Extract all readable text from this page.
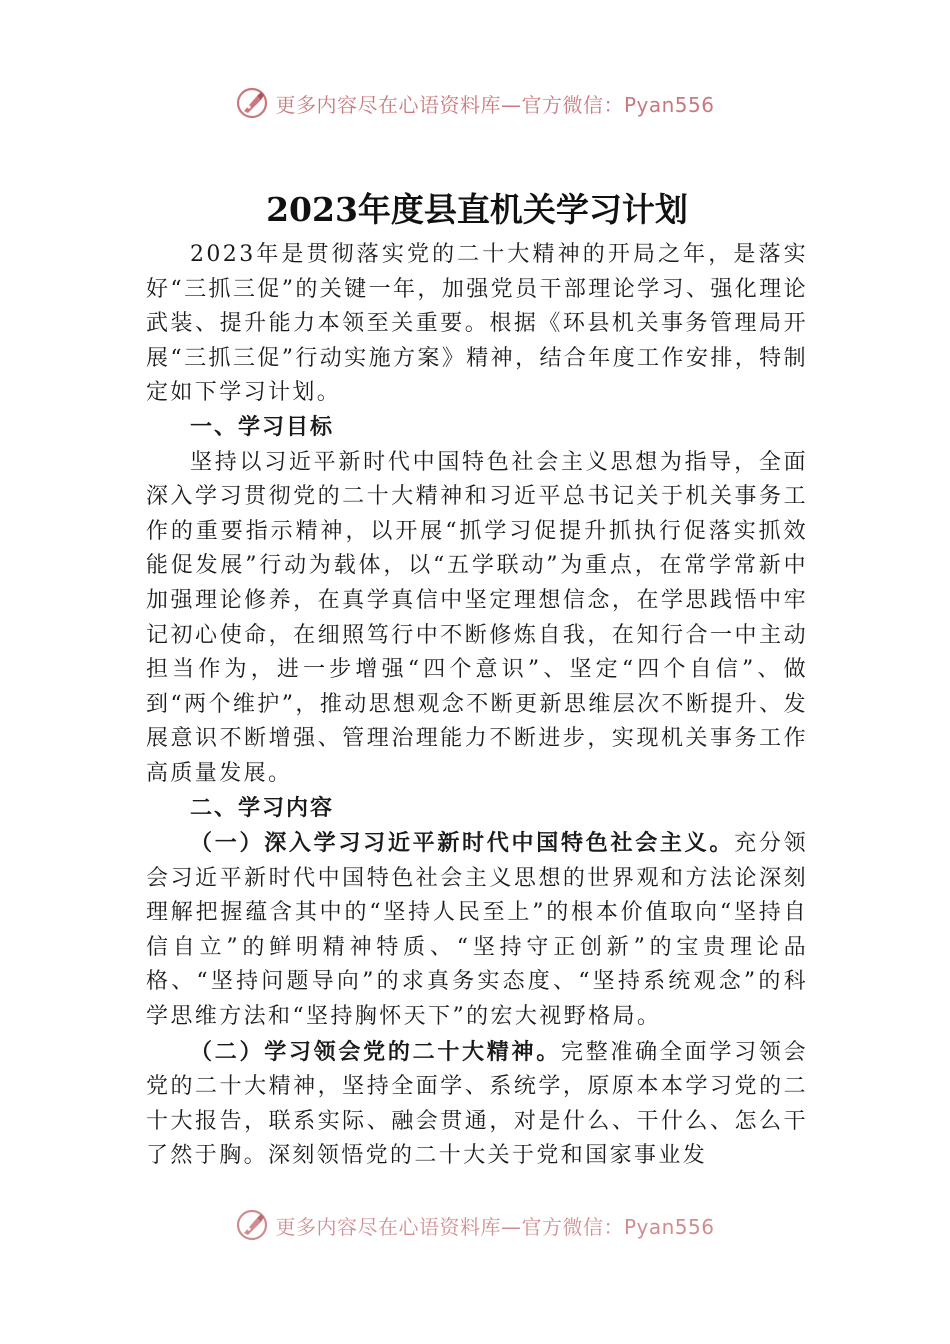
更多内容尽在心语资料库—官方微信：Pyan556
2023年度县直机关学习计划

2023年是贯彻落实党的二十大精神的开局之年，是落实好“三抓三促”的关键一年，加强党员干部理论学习、强化理论武装、提升能力本领至关重要。根据《环县机关事务管理局开展“三抓三促”行动实施方案》精神，结合年度工作安排，特制定如下学习计划。

一、学习目标

坚持以习近平新时代中国特色社会主义思想为指导，全面深入学习贯彻党的二十大精神和习近平总书记关于机关事务工作的重要指示精神，以开展“抓学习促提升抓执行促落实抓效能促发展”行动为载体，以“五学联动”为重点，在常学常新中加强理论修养，在真学真信中坚定理想信念，在学思践悟中牢记初心使命，在细照笃行中不断修炼自我，在知行合一中主动担当作为，进一步增强“四个意识”、坚定“四个自信”、做到“两个维护”，推动思想观念不断更新思维层次不断提升、发展意识不断增强、管理治理能力不断进步，实现机关事务工作高质量发展。

二、学习内容

（一）深入学习习近平新时代中国特色社会主义。充分领会习近平新时代中国特色社会主义思想的世界观和方法论深刻理解把握蕴含其中的“坚持人民至上”的根本价值取向“坚持自信自立”的鲜明精神特质、“坚持守正创新”的宝贵理论品格、“坚持问题导向”的求真务实态度、“坚持系统观念”的科学思维方法和“坚持胸怀天下”的宏大视野格局。

（二）学习领会党的二十大精神。完整准确全面学习领会党的二十大精神，坚持全面学、系统学，原原本本学习党的二十大报告，联系实际、融会贯通，对是什么、干什么、怎么干了然于胸。深刻领悟党的二十大关于党和国家事业发

更多内容尽在心语资料库—官方微信：Pyan556
